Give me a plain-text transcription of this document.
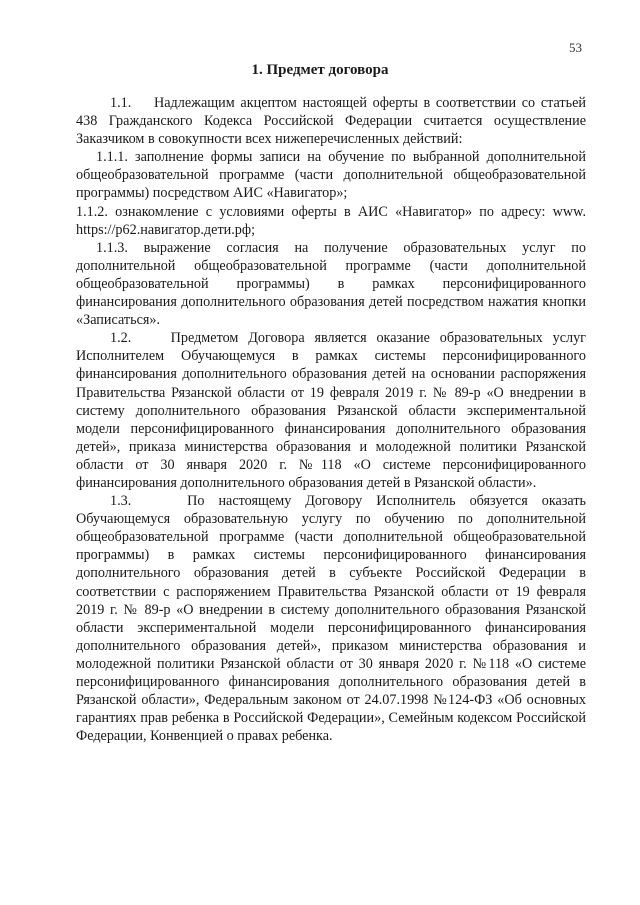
53
1. Предмет договора

1.1.    Надлежащим акцептом настоящей оферты в соответствии со статьей 438 Гражданского Кодекса Российской Федерации считается осуществление Заказчиком в совокупности всех нижеперечисленных действий:

1.1.1. заполнение формы записи на обучение по выбранной дополнительной общеобразовательной программе (части дополнительной общеобразовательной программы) посредством АИС «Навигатор»;

1.1.2. ознакомление с условиями оферты в АИС «Навигатор» по адресу: www. https://p62.навигатор.дети.рф;

1.1.3. выражение согласия на получение образовательных услуг по дополнительной общеобразовательной программе (части дополнительной общеобразовательной программы) в рамках персонифицированного финансирования дополнительного образования детей посредством нажатия кнопки «Записаться».

1.2.    Предметом Договора является оказание образовательных услуг Исполнителем Обучающемуся в рамках системы персонифицированного финансирования дополнительного образования детей на основании распоряжения Правительства Рязанской области от 19 февраля 2019 г. № 89-р «О внедрении в систему дополнительного образования Рязанской области экспериментальной модели персонифицированного финансирования дополнительного образования детей», приказа министерства образования и молодежной политики Рязанской области от 30 января 2020 г. №118 «О системе персонифицированного финансирования дополнительного образования детей в Рязанской области».

1.3.    По настоящему Договору Исполнитель обязуется оказать Обучающемуся образовательную услугу по обучению по дополнительной общеобразовательной программе (части дополнительной общеобразовательной программы) в рамках системы персонифицированного финансирования дополнительного образования детей в субъекте Российской Федерации в соответствии с распоряжением Правительства Рязанской области от 19 февраля 2019 г. № 89-р «О внедрении в систему дополнительного образования Рязанской области экспериментальной модели персонифицированного финансирования дополнительного образования детей», приказом министерства образования и молодежной политики Рязанской области от 30 января 2020 г. №118 «О системе персонифицированного финансирования дополнительного образования детей в Рязанской области», Федеральным законом от 24.07.1998 №124-ФЗ «Об основных гарантиях прав ребенка в Российской Федерации», Семейным кодексом Российской Федерации, Конвенцией о правах ребенка.
